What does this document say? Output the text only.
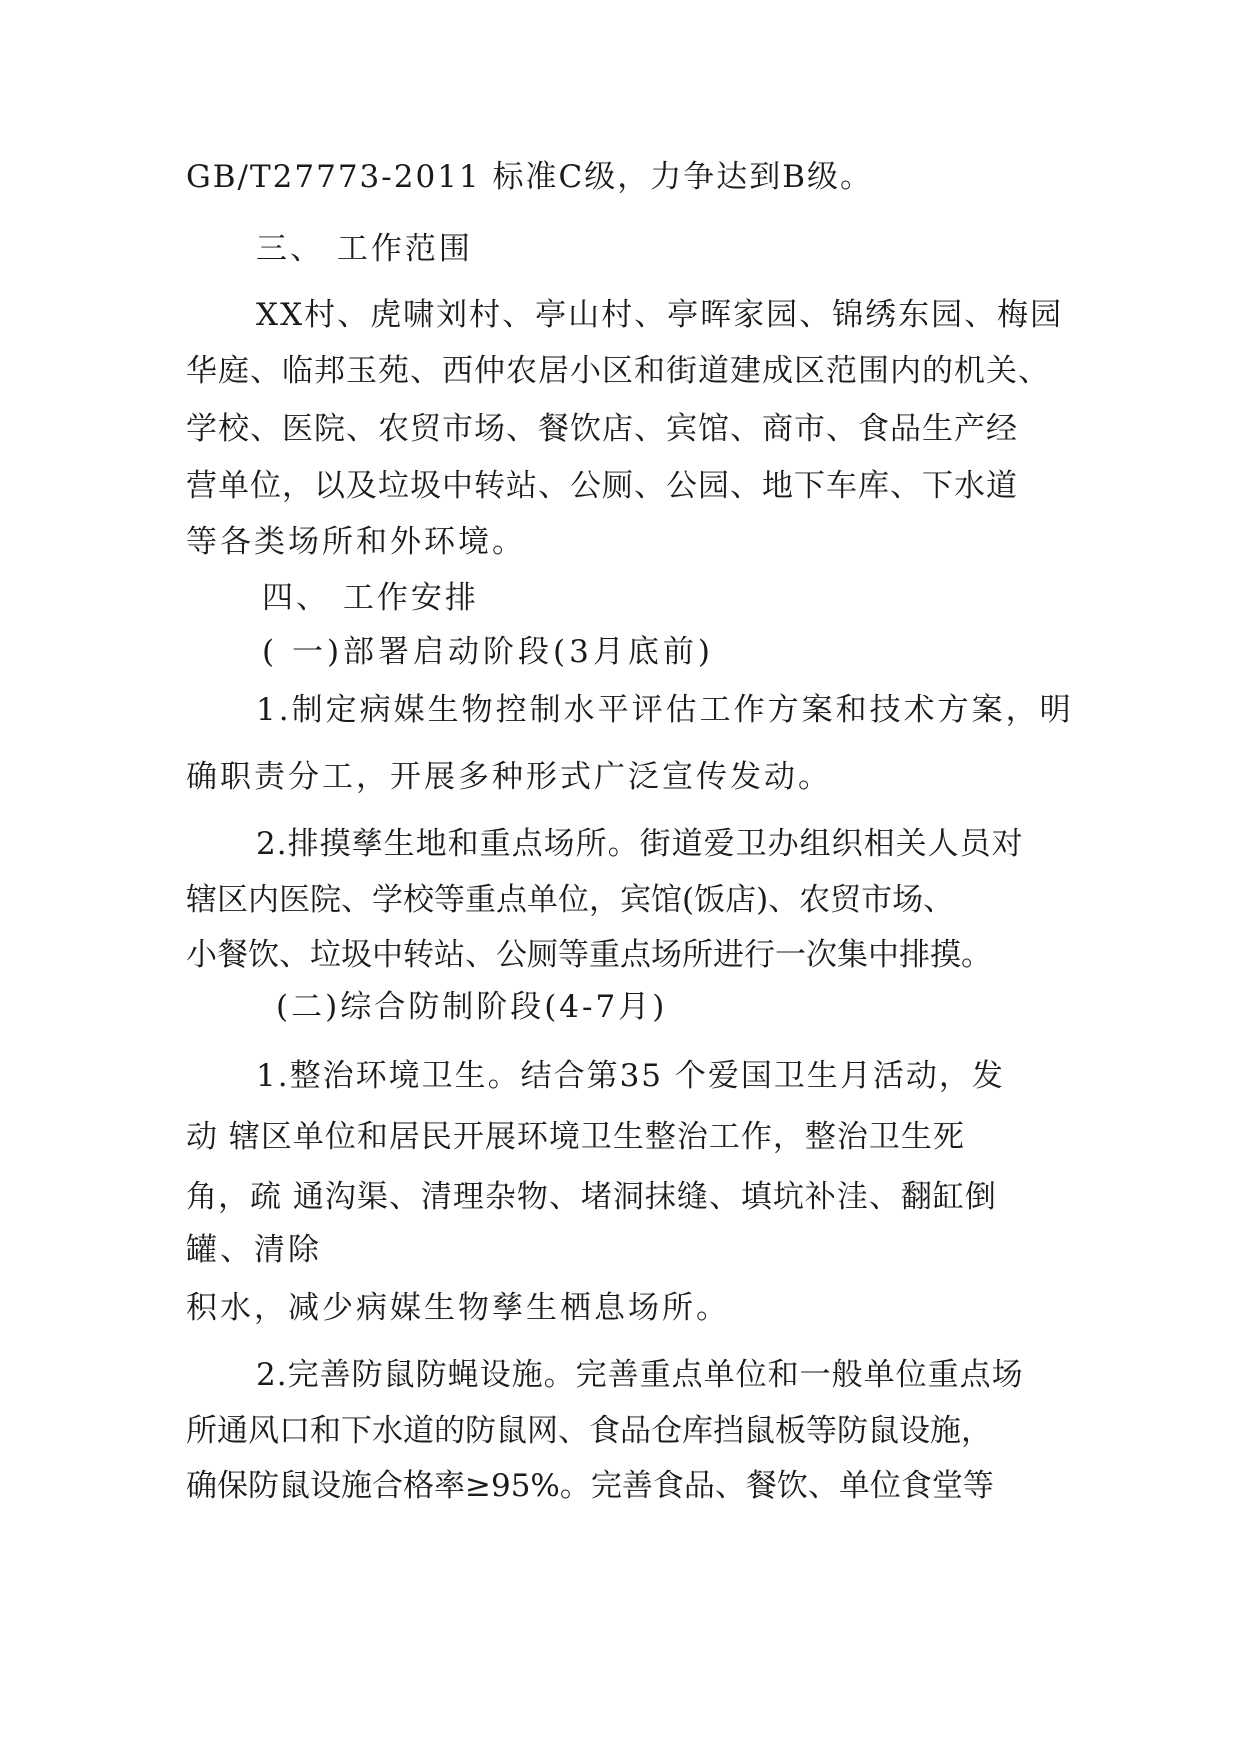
GB/T27773-2011 标准C级，力争达到B级。
三、 工作范围
XX村、虎啸刘村、亭山村、亭晖家园、锦绣东园、梅园
华庭、临邦玉苑、西仲农居小区和街道建成区范围内的机关、
学校、医院、农贸市场、餐饮店、宾馆、商市、食品生产经
营单位，以及垃圾中转站、公厕、公园、地下车库、下水道
等各类场所和外环境。
四、 工作安排
( 一)部署启动阶段(3月底前)
1.制定病媒生物控制水平评估工作方案和技术方案，明
确职责分工，开展多种形式广泛宣传发动。
2.排摸孳生地和重点场所。街道爱卫办组织相关人员对
辖区内医院、学校等重点单位，宾馆(饭店)、农贸市场、
小餐饮、垃圾中转站、公厕等重点场所进行一次集中排摸。
(二)综合防制阶段(4-7月)
1.整治环境卫生。结合第35 个爱国卫生月活动，发
动 辖区单位和居民开展环境卫生整治工作，整治卫生死
角，疏 通沟渠、清理杂物、堵洞抹缝、填坑补洼、翻缸倒
罐、清除
积水，减少病媒生物孳生栖息场所。
2.完善防鼠防蝇设施。完善重点单位和一般单位重点场
所通风口和下水道的防鼠网、食品仓库挡鼠板等防鼠设施，
确保防鼠设施合格率≥95%。完善食品、餐饮、单位食堂等
